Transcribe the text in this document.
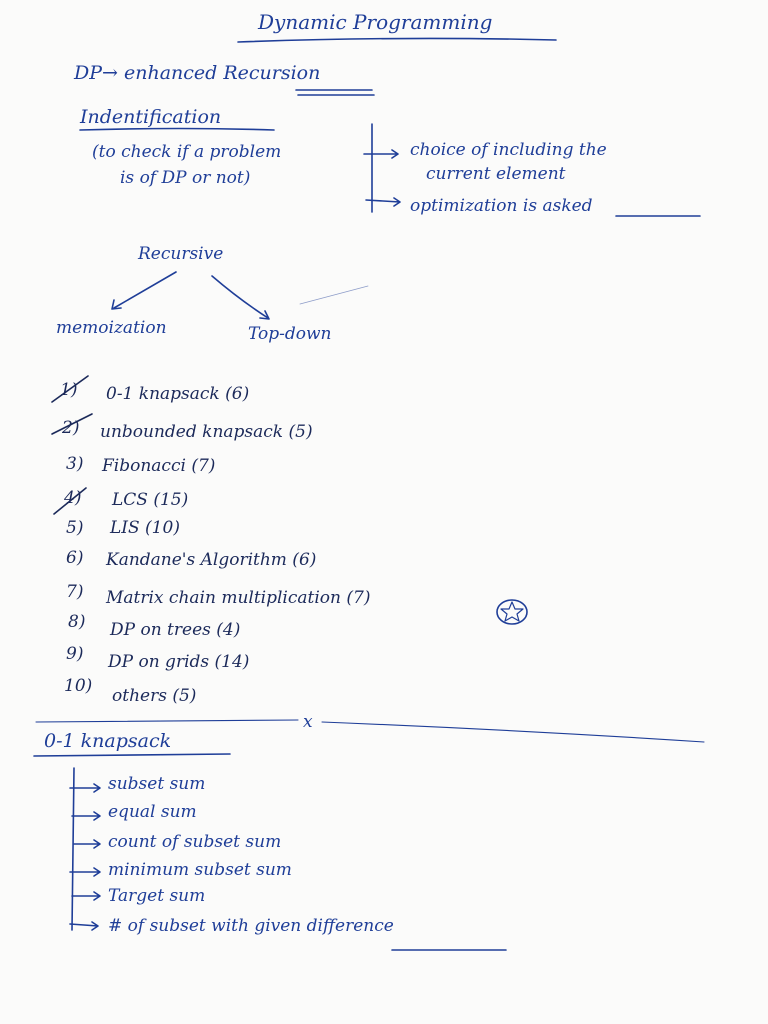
Dynamic Programming
DP→ enhanced Recursion
Indentification
(to check if a problem
is of DP or not)
choice of including the
current element
optimization is asked
Recursive
memoization	Top-down
1) 0-1 knapsack (6)
2) unbounded knapsack (5)
3) Fibonacci (7)
4) LCS (15)
5) LIS (10)
6) Kandane's Algorithm (6)
7) Matrix chain multiplication (7)
8) DP on trees (4)
9) DP on grids (14)
10) others (5)
x
0-1 knapsack
subset sum
equal sum
count of subset sum
minimum subset sum
Target sum
# of subset with given difference
